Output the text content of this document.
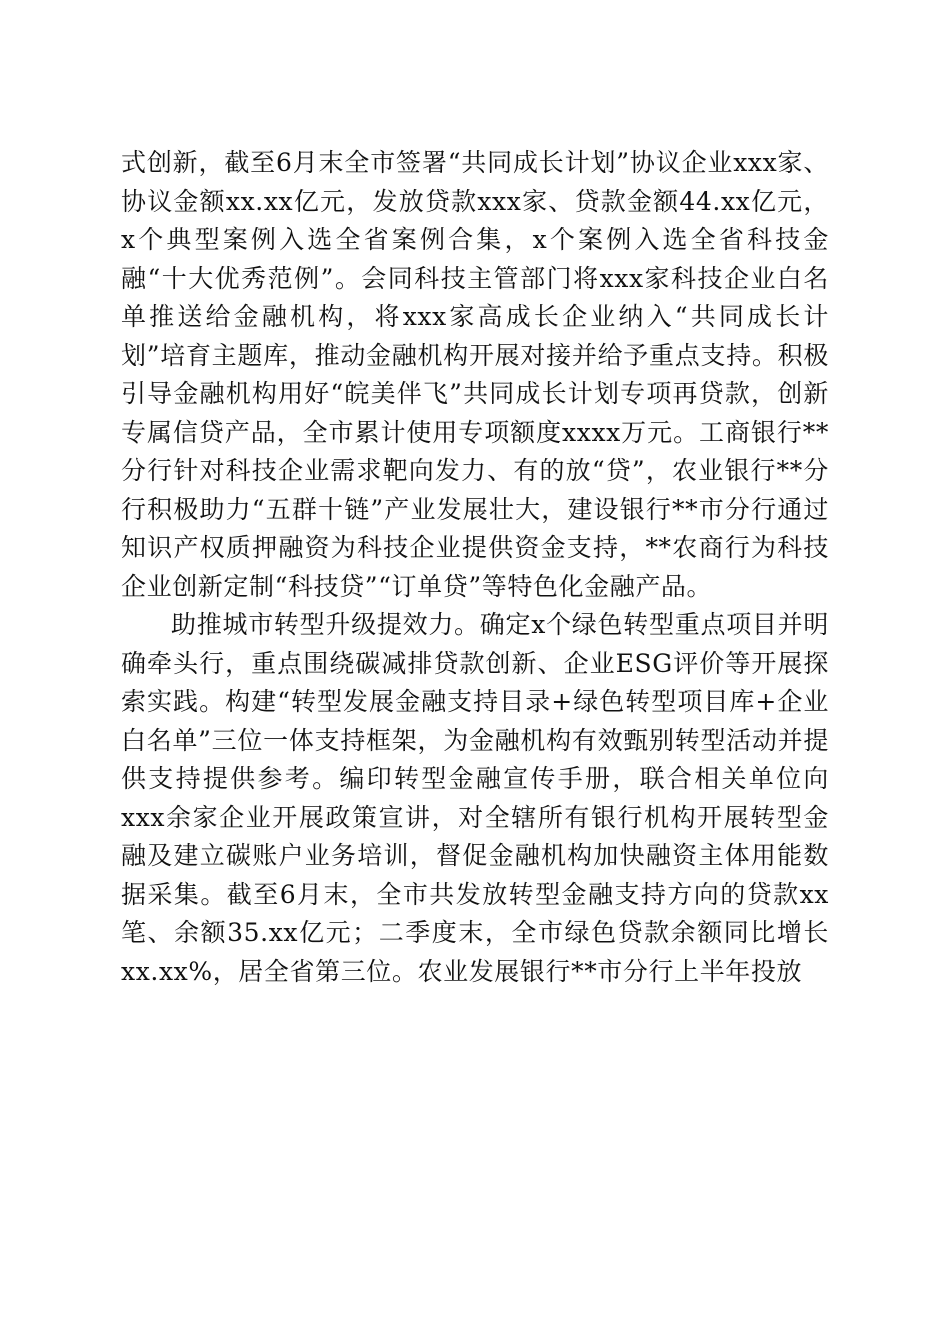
式创新，截至6月末全市签署“共同成长计划”协议企业xxx家、协议金额xx.xx亿元，发放贷款xxx家、贷款金额44.xx亿元，x个典型案例入选全省案例合集，x个案例入选全省科技金融“十大优秀范例”。会同科技主管部门将xxx家科技企业白名单推送给金融机构，将xxx家高成长企业纳入“共同成长计划”培育主题库，推动金融机构开展对接并给予重点支持。积极引导金融机构用好“皖美伴飞”共同成长计划专项再贷款，创新专属信贷产品，全市累计使用专项额度xxxx万元。工商银行**分行针对科技企业需求靶向发力、有的放“贷”，农业银行**分行积极助力“五群十链”产业发展壮大，建设银行**市分行通过知识产权质押融资为科技企业提供资金支持，**农商行为科技企业创新定制“科技贷”“订单贷”等特色化金融产品。

助推城市转型升级提效力。确定x个绿色转型重点项目并明确牵头行，重点围绕碳减排贷款创新、企业ESG评价等开展探索实践。构建“转型发展金融支持目录+绿色转型项目库+企业白名单”三位一体支持框架，为金融机构有效甄别转型活动并提供支持提供参考。编印转型金融宣传手册，联合相关单位向xxx余家企业开展政策宣讲，对全辖所有银行机构开展转型金融及建立碳账户业务培训，督促金融机构加快融资主体用能数据采集。截至6月末，全市共发放转型金融支持方向的贷款xx笔、余额35.xx亿元；二季度末，全市绿色贷款余额同比增长xx.xx%，居全省第三位。农业发展银行**市分行上半年投放
